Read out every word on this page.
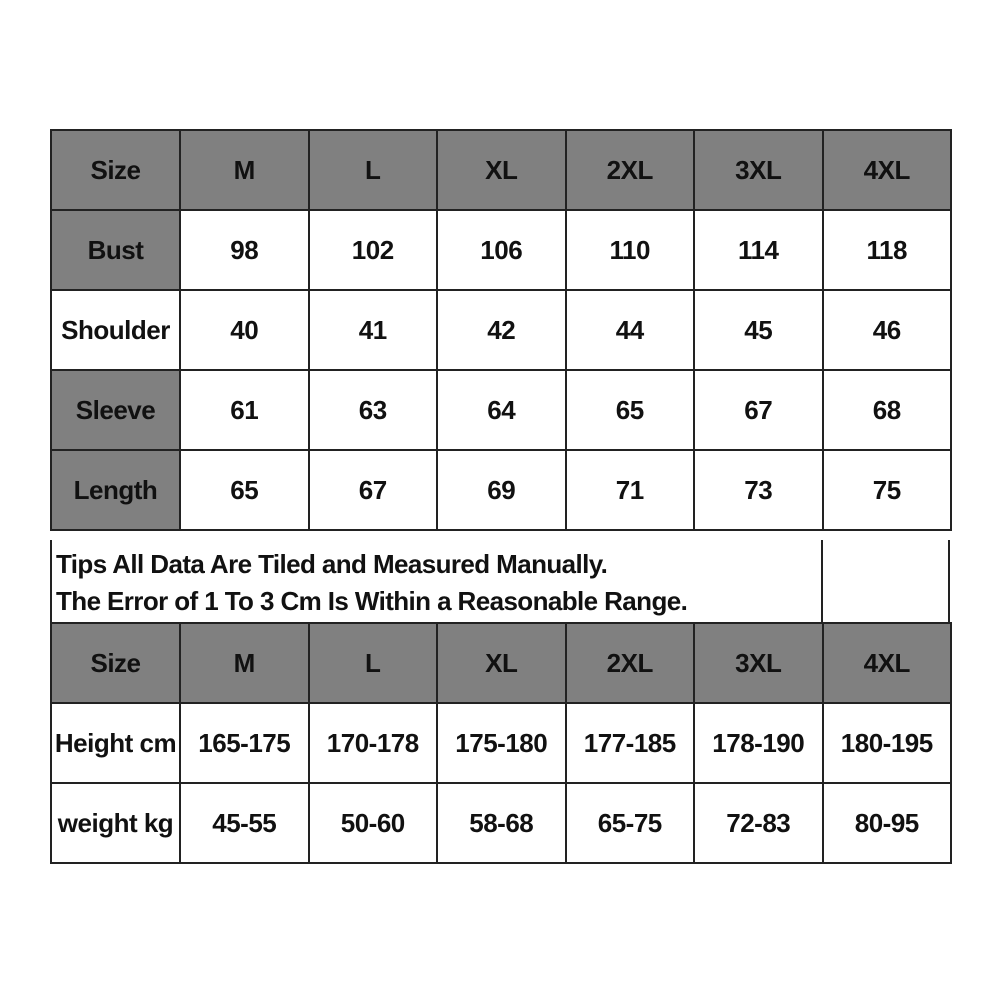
Size	M	L	XL	2XL	3XL	4XL
Bust	98	102	106	110	114	118
Shoulder	40	41	42	44	45	46
Sleeve	61	63	64	65	67	68
Length	65	67	69	71	73	75
Tips All Data Are Tiled and Measured Manually.
The Error of 1 To 3 Cm Is Within a Reasonable Range.
Size	M	L	XL	2XL	3XL	4XL
Height cm	165-175	170-178	175-180	177-185	178-190	180-195
weight kg	45-55	50-60	58-68	65-75	72-83	80-95
